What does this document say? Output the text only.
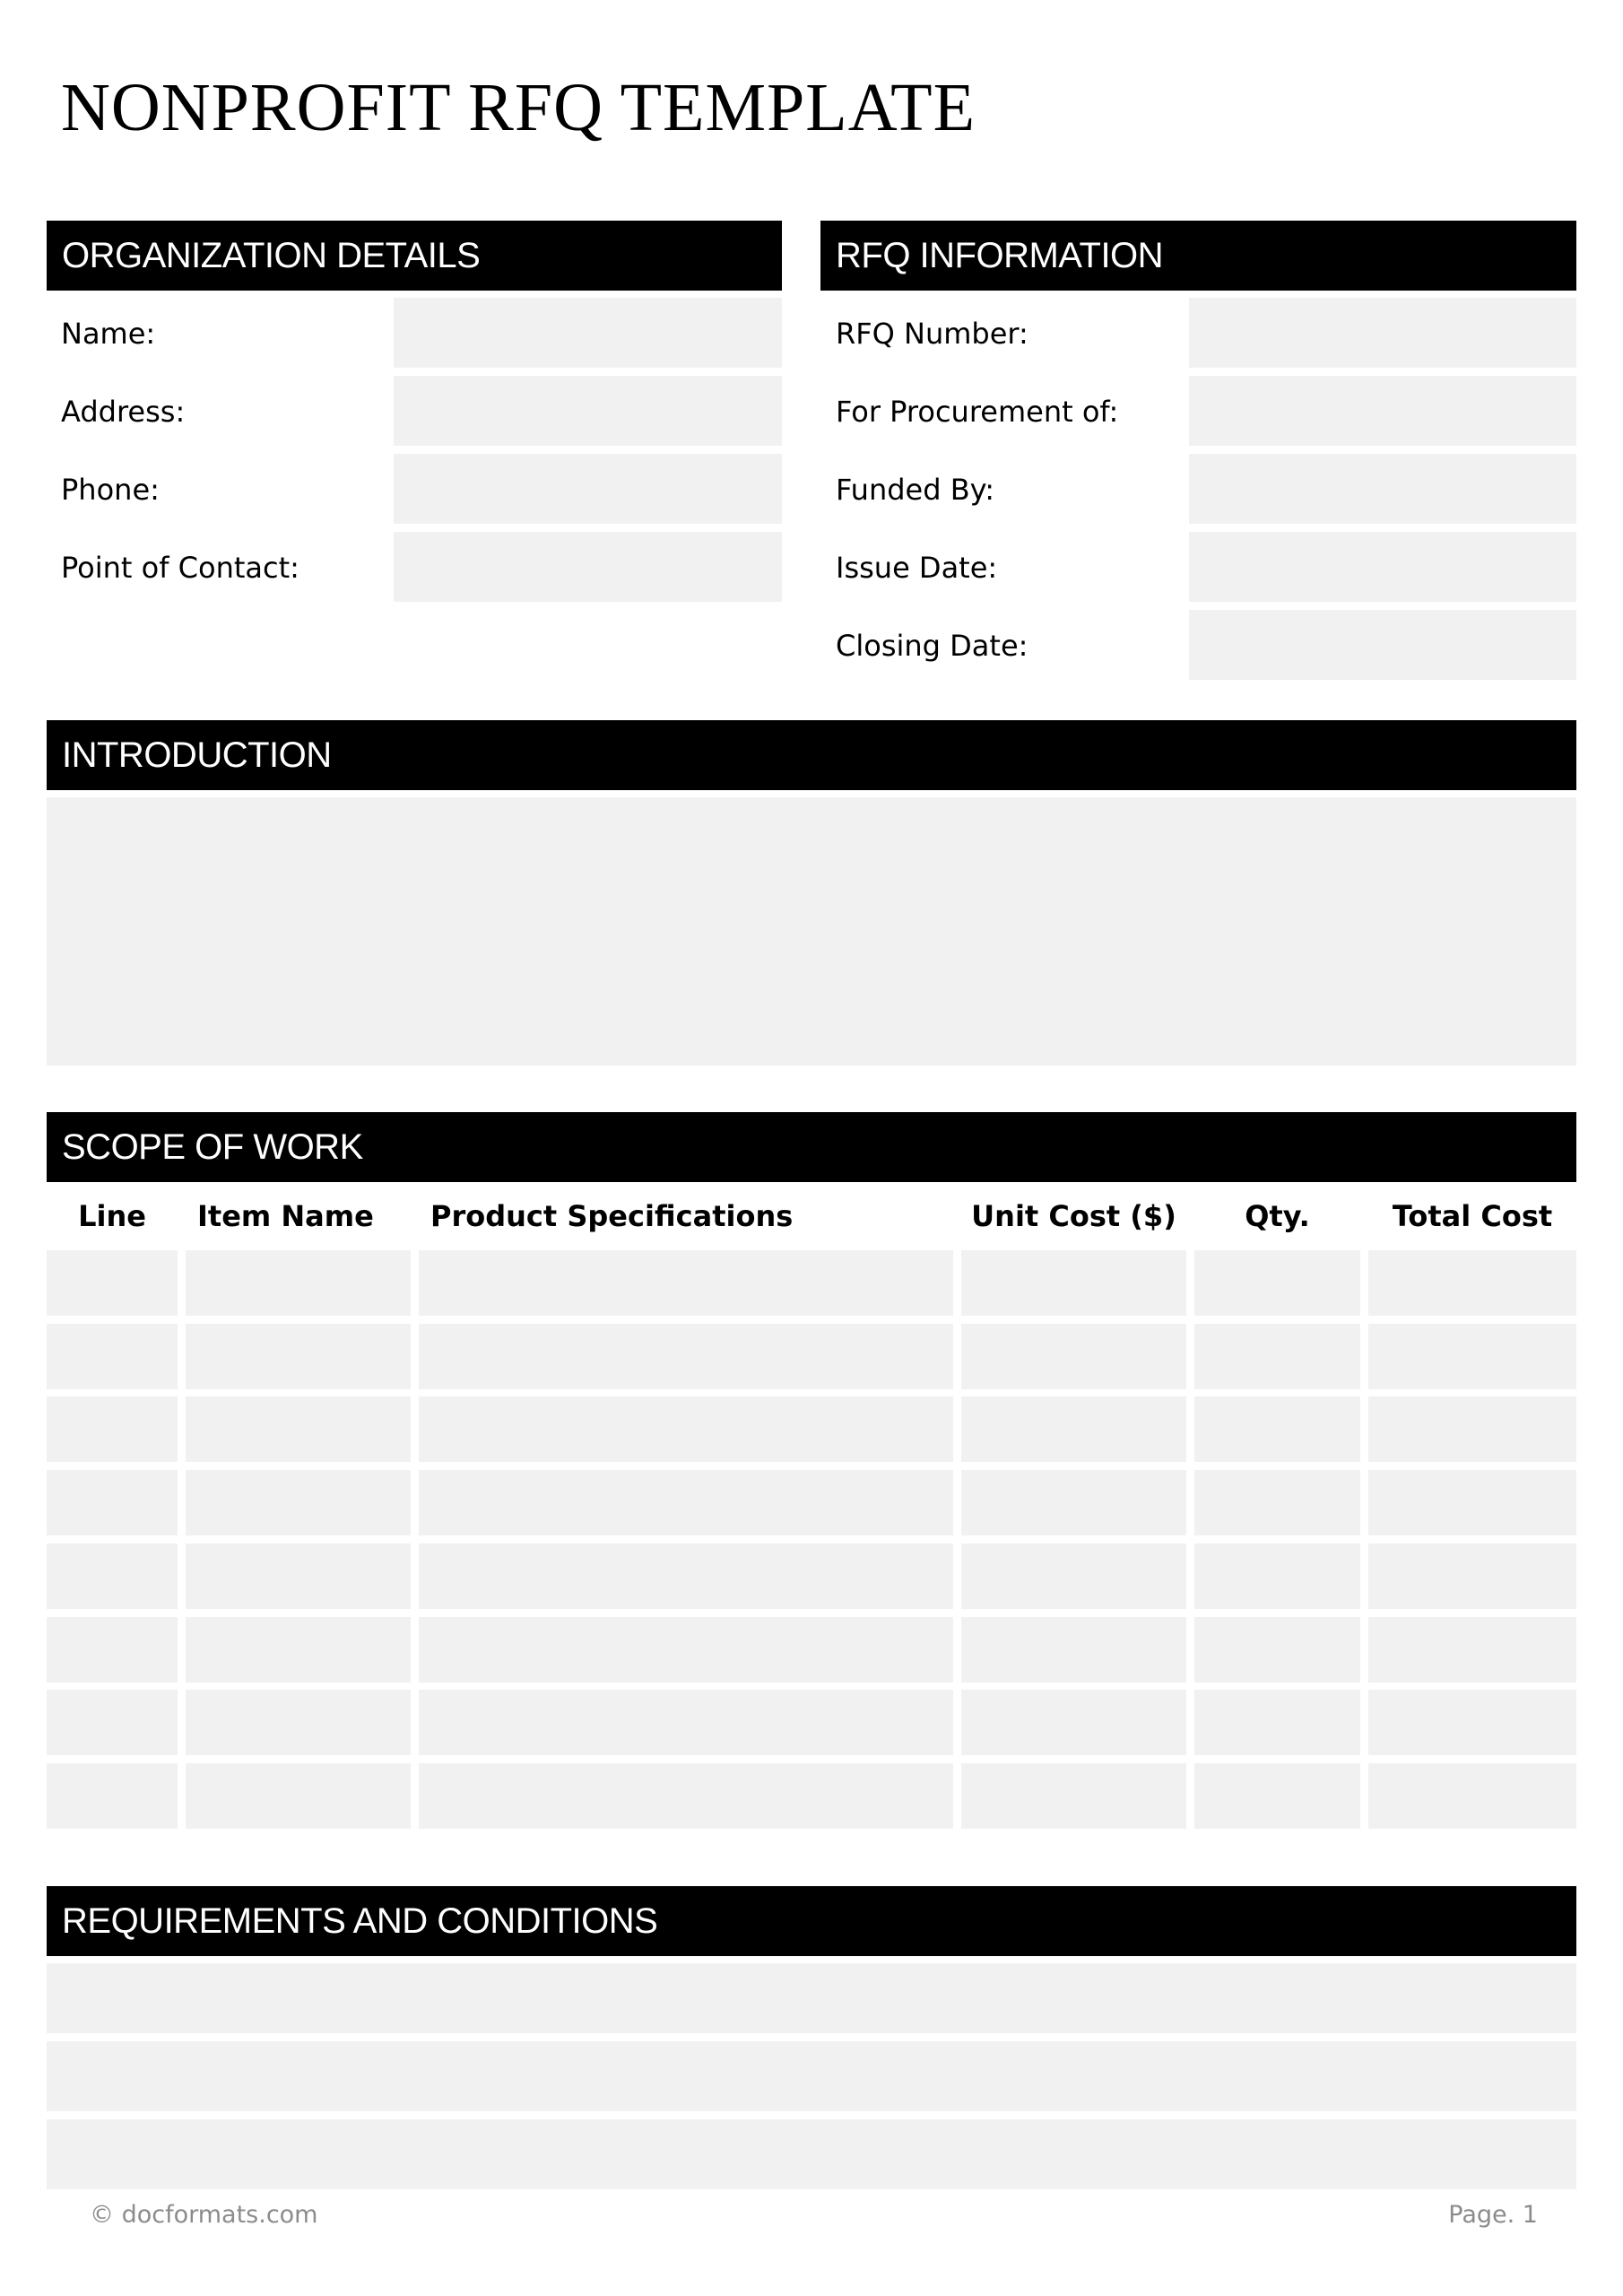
NONPROFIT RFQ TEMPLATE
ORGANIZATION DETAILS
Name:
Address:
Phone:
Point of Contact:
RFQ INFORMATION
RFQ Number:
For Procurement of:
Funded By:
Issue Date:
Closing Date:
INTRODUCTION
SCOPE OF WORK
Line	Item Name	Product Specifications	Unit Cost ($)	Qty.	Total Cost
REQUIREMENTS AND CONDITIONS
© docformats.com	Page. 1
